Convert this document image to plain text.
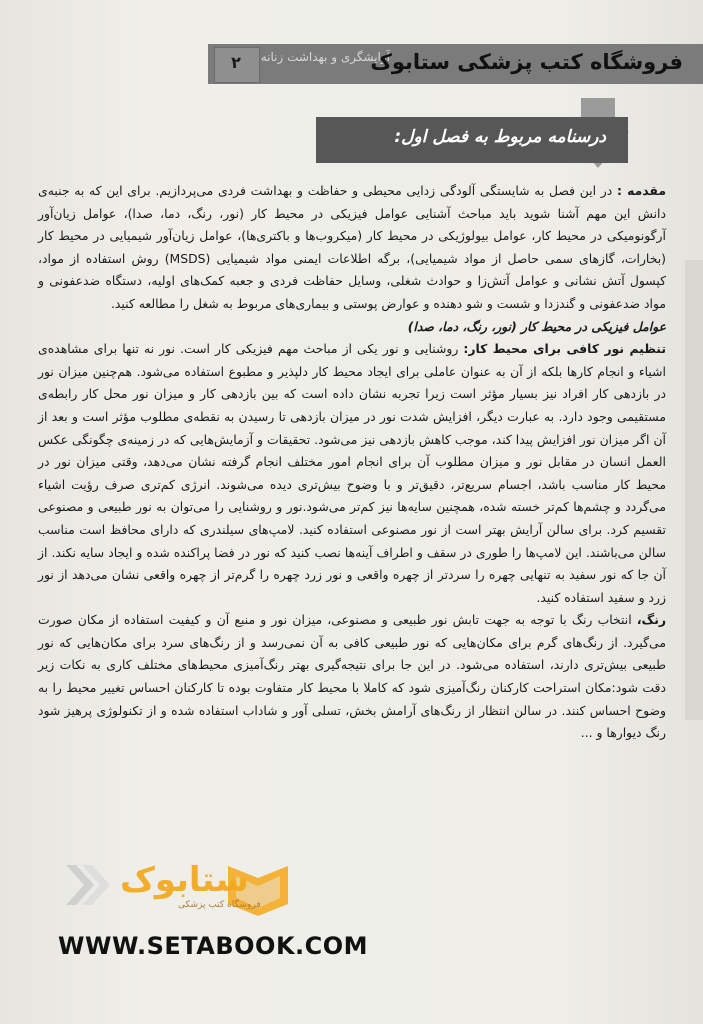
۲	آرایشگری و بهداشت زنانه
فروشگاه کتب پزشکی ستابوک
درسنامه مربوط به فصل اول:

مقدمه : در این فصل به شایستگی آلودگی زدایی محیطی و حفاظت و بهداشت فردی می‌پردازیم. برای این که به جنبه‌ی دانش این مهم آشنا شوید باید مباحث آشنایی عوامل فیزیکی در محیط کار (نور، رنگ، دما، صدا)، عوامل زیان‌آور آرگونومیکی در محیط کار، عوامل بیولوژیکی در محیط کار (میکروب‌ها و باکتری‌ها)، عوامل زیان‌آور شیمیایی در محیط کار (بخارات، گازهای سمی حاصل از مواد شیمیایی)، برگه اطلاعات ایمنی مواد شیمیایی (MSDS) روش استفاده از مواد، کپسول آتش نشانی و عوامل آتش‌زا و حوادث شغلی، وسایل حفاظت فردی و جعبه کمک‌های اولیه، دستگاه ضدعفونی و مواد ضدعفونی و گندزدا و شست و شو دهنده و عوارض پوستی و بیماری‌های مربوط به شغل را مطالعه کنید.

عوامل فیزیکی در محیط کار (نور، رنگ، دما، صدا)

تنظیم نور کافی برای محیط کار: روشنایی و نور یکی از مباحث مهم فیزیکی کار است. نور نه تنها برای مشاهده‌ی اشیاء و انجام کارها بلکه از آن به عنوان عاملی برای ایجاد محیط کار دلپذیر و مطبوع استفاده می‌شود. هم‌چنین میزان نور در بازدهی کار افراد نیز بسیار مؤثر است زیرا تجربه نشان داده است که بین بازدهی کار و میزان نور محل کار رابطه‌ی مستقیمی وجود دارد. به عبارت دیگر، افزایش شدت نور در میزان بازدهی تا رسیدن به نقطه‌ی مطلوب مؤثر است و بعد از آن اگر میزان نور افزایش پیدا کند، موجب کاهش بازدهی نیز می‌شود. تحقیقات و آزمایش‌هایی که در زمینه‌ی چگونگی عکس العمل انسان در مقابل نور و میزان مطلوب آن برای انجام امور مختلف انجام گرفته نشان می‌دهد، وقتی میزان نور در محیط کار مناسب باشد، اجسام سریع‌تر، دقیق‌تر و با وضوح بیش‌تری دیده می‌شوند. انرژی کم‌تری صرف رؤیت اشیاء می‌گردد و چشم‌ها کم‌تر خسته شده، همچنین سایه‌ها نیز کم‌تر می‌شود.نور و روشنایی را می‌توان به نور طبیعی و مصنوعی تقسیم کرد. برای سالن آرایش بهتر است از نور مصنوعی استفاده کنید. لامپ‌های سیلندری که دارای محافظ است مناسب سالن می‌باشند. این لامپ‌ها را طوری در سقف و اطراف آینه‌ها نصب کنید که نور در فضا پراکنده شده و ایجاد سایه نکند. از آن جا که نور سفید به تنهایی چهره را سردتر از چهره واقعی و نور زرد چهره را گرم‌تر از چهره واقعی نشان می‌دهد از نور زرد و سفید استفاده کنید.

رنگ، انتخاب رنگ با توجه به جهت تابش نور طبیعی و مصنوعی، میزان نور و منبع آن و کیفیت استفاده از مکان صورت می‌گیرد. از رنگ‌های گرم برای مکان‌هایی که نور طبیعی کافی به آن نمی‌رسد و از رنگ‌های سرد برای مکان‌هایی که نور طبیعی بیش‌تری دارند، استفاده می‌شود. در این جا برای نتیجه‌گیری بهتر رنگ‌آمیزی محیط‌های مختلف کاری به نکات زیر دقت شود:مکان استراحت کارکنان رنگ‌آمیزی شود که کاملا با محیط کار متفاوت بوده تا کارکنان احساس تغییر محیط را به وضوح احساس کنند. در سالن انتظار از رنگ‌های آرامش بخش، تسلی آور و شاداب استفاده شده و از تکنولوژی پرهیز شود رنگ دیوارها و ...

ستابوک
فروشگاه کتب پزشکی
WWW.SETABOOK.COM
